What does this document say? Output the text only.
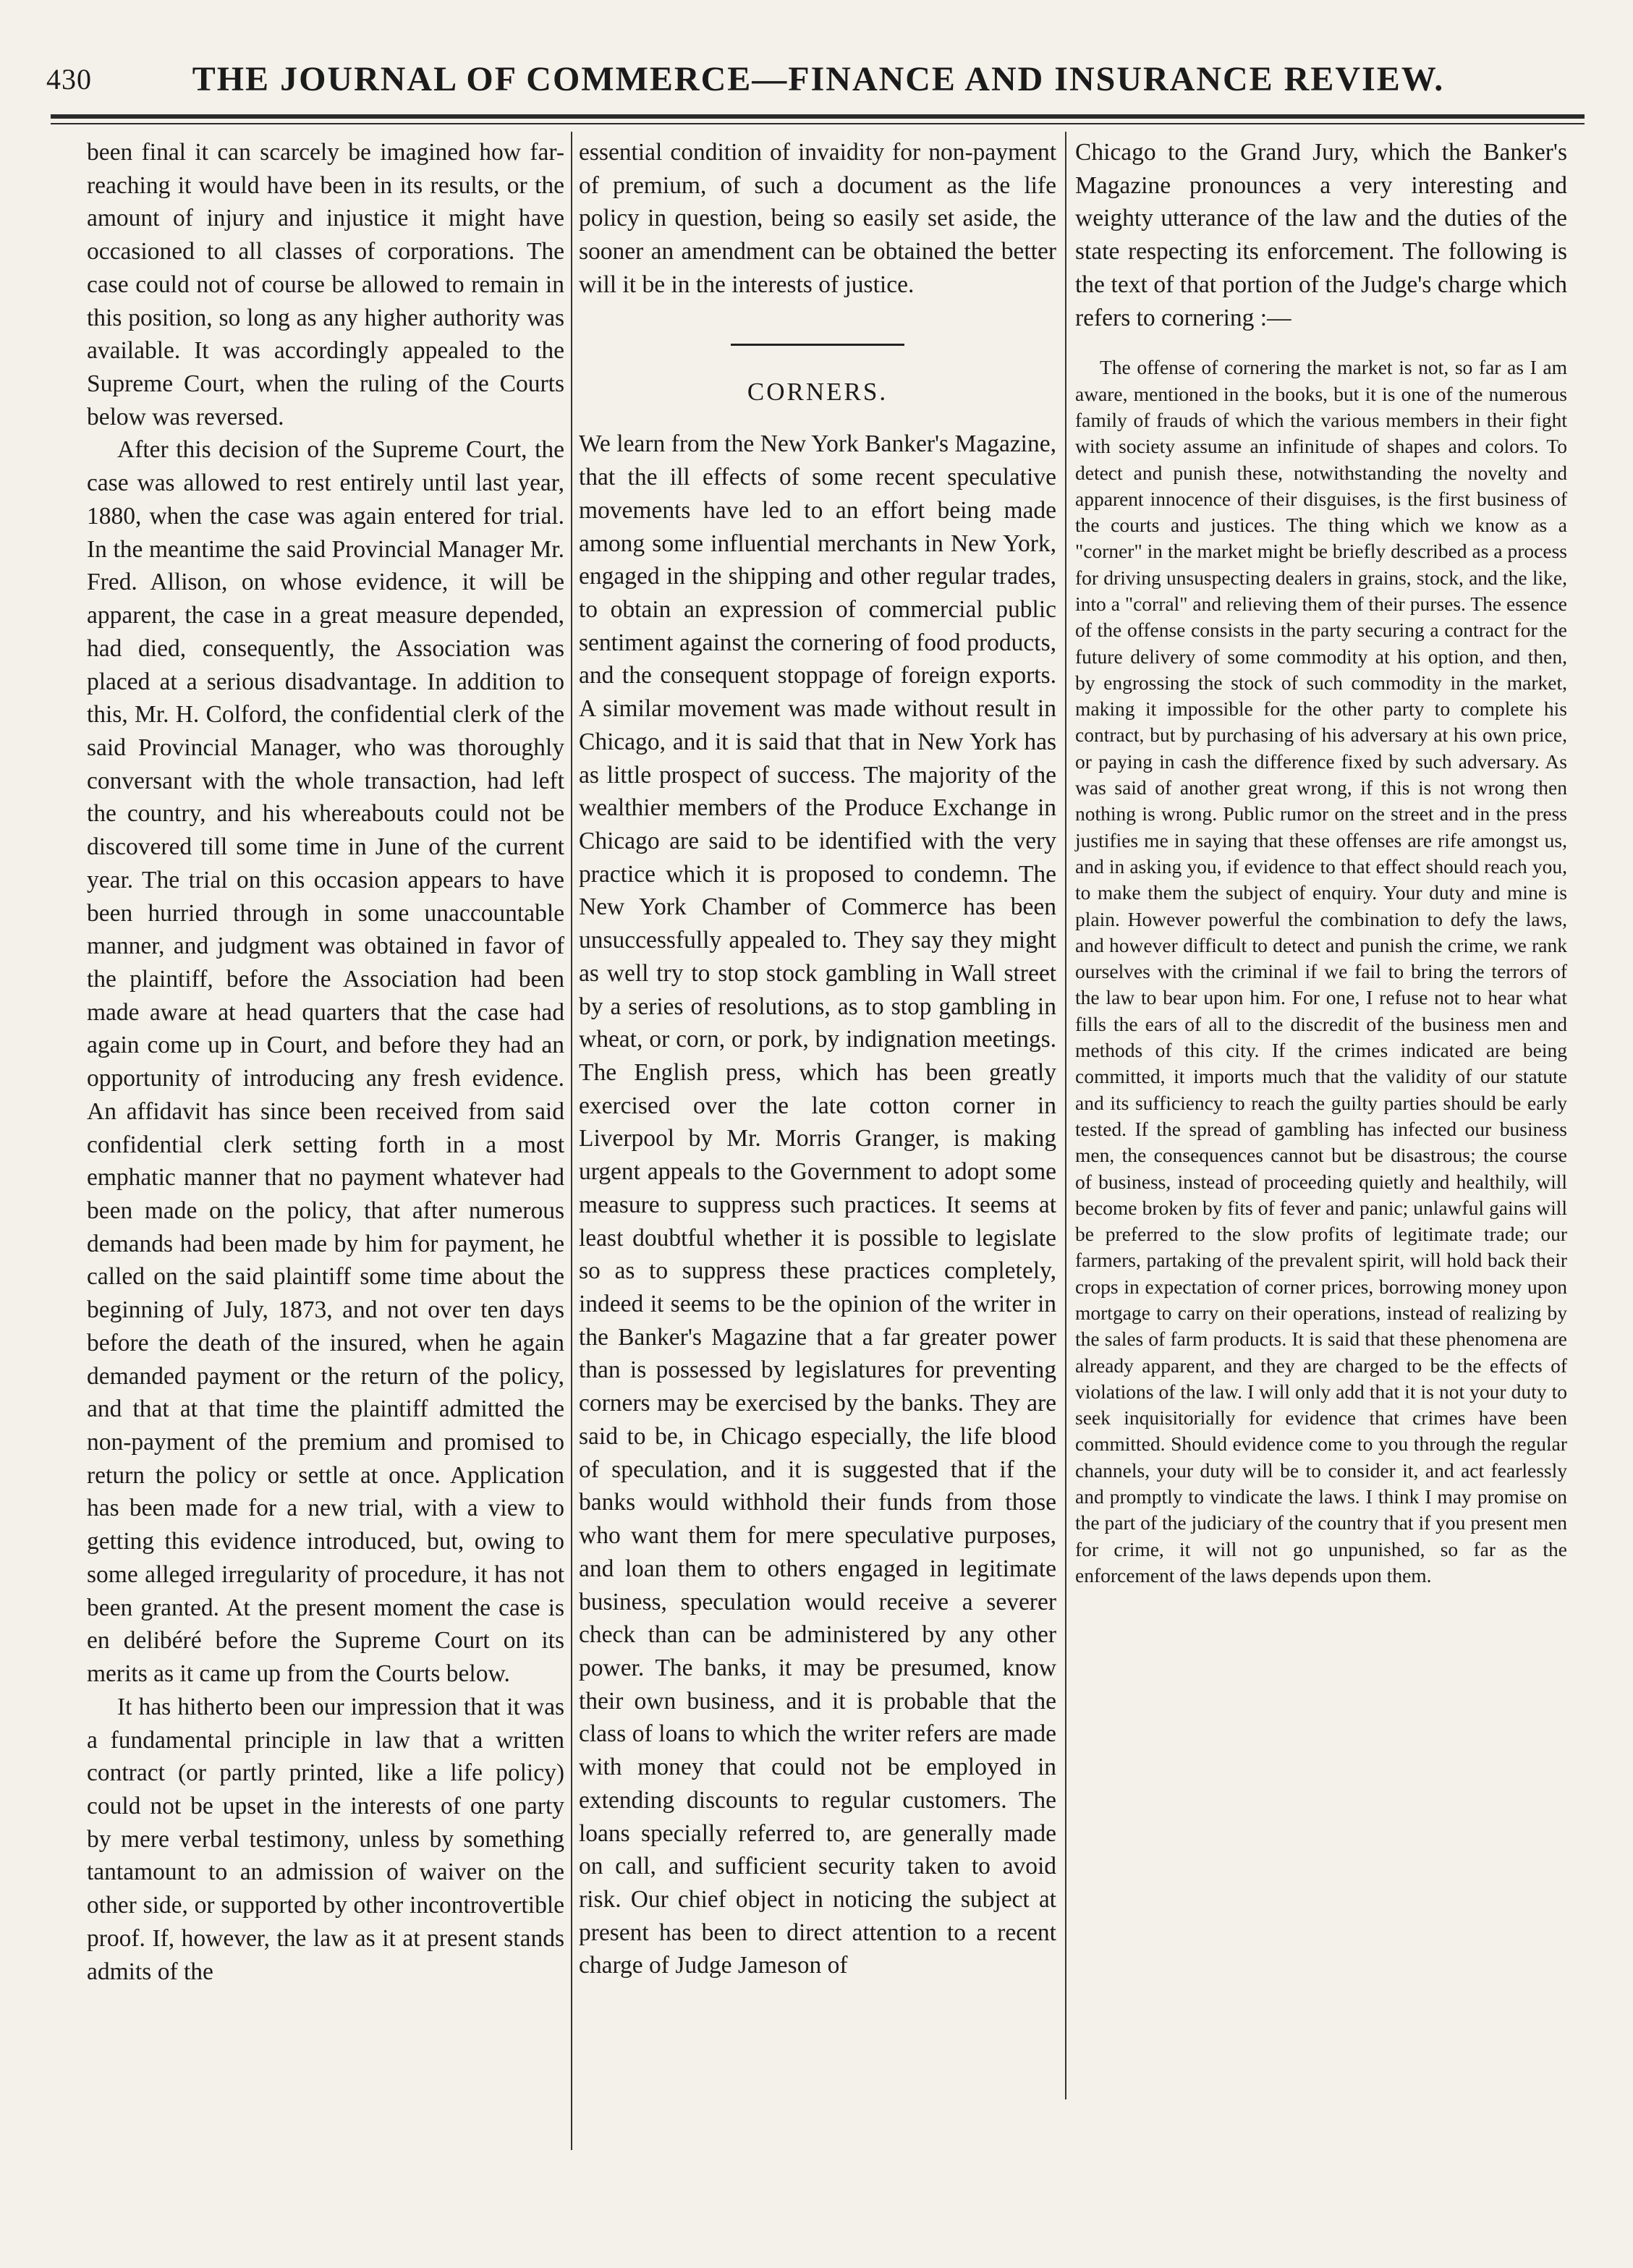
430	THE JOURNAL OF COMMERCE—FINANCE AND INSURANCE REVIEW.

been final it can scarcely be imagined how far-reaching it would have been in its results, or the amount of injury and injustice it might have occasioned to all classes of corporations. The case could not of course be allowed to remain in this position, so long as any higher authority was available. It was accordingly appealed to the Supreme Court, when the ruling of the Courts below was reversed.

After this decision of the Supreme Court, the case was allowed to rest entirely until last year, 1880, when the case was again entered for trial. In the meantime the said Provincial Manager Mr. Fred. Allison, on whose evidence, it will be apparent, the case in a great measure depended, had died, consequently, the Association was placed at a serious disadvantage. In addition to this, Mr. H. Colford, the confidential clerk of the said Provincial Manager, who was thoroughly conversant with the whole transaction, had left the country, and his whereabouts could not be discovered till some time in June of the current year. The trial on this occasion appears to have been hurried through in some unaccountable manner, and judgment was obtained in favor of the plaintiff, before the Association had been made aware at head quarters that the case had again come up in Court, and before they had an opportunity of introducing any fresh evidence. An affidavit has since been received from said confidential clerk setting forth in a most emphatic manner that no payment whatever had been made on the policy, that after numerous demands had been made by him for payment, he called on the said plaintiff some time about the beginning of July, 1873, and not over ten days before the death of the insured, when he again demanded payment or the return of the policy, and that at that time the plaintiff admitted the non-payment of the premium and promised to return the policy or settle at once. Application has been made for a new trial, with a view to getting this evidence introduced, but, owing to some alleged irregularity of procedure, it has not been granted. At the present moment the case is en delibéré before the Supreme Court on its merits as it came up from the Courts below.

It has hitherto been our impression that it was a fundamental principle in law that a written contract (or partly printed, like a life policy) could not be upset in the interests of one party by mere verbal testimony, unless by something tantamount to an admission of waiver on the other side, or supported by other incontrovertible proof. If, however, the law as it at present stands admits of the

essential condition of invaidity for non-payment of premium, of such a document as the life policy in question, being so easily set aside, the sooner an amendment can be obtained the better will it be in the interests of justice.

CORNERS.

We learn from the New York Banker's Magazine, that the ill effects of some recent speculative movements have led to an effort being made among some influential merchants in New York, engaged in the shipping and other regular trades, to obtain an expression of commercial public sentiment against the cornering of food products, and the consequent stoppage of foreign exports. A similar movement was made without result in Chicago, and it is said that that in New York has as little prospect of success. The majority of the wealthier members of the Produce Exchange in Chicago are said to be identified with the very practice which it is proposed to condemn. The New York Chamber of Commerce has been unsuccessfully appealed to. They say they might as well try to stop stock gambling in Wall street by a series of resolutions, as to stop gambling in wheat, or corn, or pork, by indignation meetings. The English press, which has been greatly exercised over the late cotton corner in Liverpool by Mr. Morris Granger, is making urgent appeals to the Government to adopt some measure to suppress such practices. It seems at least doubtful whether it is possible to legislate so as to suppress these practices completely, indeed it seems to be the opinion of the writer in the Banker's Magazine that a far greater power than is possessed by legislatures for preventing corners may be exercised by the banks. They are said to be, in Chicago especially, the life blood of speculation, and it is suggested that if the banks would withhold their funds from those who want them for mere speculative purposes, and loan them to others engaged in legitimate business, speculation would receive a severer check than can be administered by any other power. The banks, it may be presumed, know their own business, and it is probable that the class of loans to which the writer refers are made with money that could not be employed in extending discounts to regular customers. The loans specially referred to, are generally made on call, and sufficient security taken to avoid risk. Our chief object in noticing the subject at present has been to direct attention to a recent charge of Judge Jameson of

Chicago to the Grand Jury, which the Banker's Magazine pronounces a very interesting and weighty utterance of the law and the duties of the state respecting its enforcement. The following is the text of that portion of the Judge's charge which refers to cornering :—

The offense of cornering the market is not, so far as I am aware, mentioned in the books, but it is one of the numerous family of frauds of which the various members in their fight with society assume an infinitude of shapes and colors. To detect and punish these, notwithstanding the novelty and apparent innocence of their disguises, is the first business of the courts and justices. The thing which we know as a "corner" in the market might be briefly described as a process for driving unsuspecting dealers in grains, stock, and the like, into a "corral" and relieving them of their purses. The essence of the offense consists in the party securing a contract for the future delivery of some commodity at his option, and then, by engrossing the stock of such commodity in the market, making it impossible for the other party to complete his contract, but by purchasing of his adversary at his own price, or paying in cash the difference fixed by such adversary. As was said of another great wrong, if this is not wrong then nothing is wrong. Public rumor on the street and in the press justifies me in saying that these offenses are rife amongst us, and in asking you, if evidence to that effect should reach you, to make them the subject of enquiry. Your duty and mine is plain. However powerful the combination to defy the laws, and however difficult to detect and punish the crime, we rank ourselves with the criminal if we fail to bring the terrors of the law to bear upon him. For one, I refuse not to hear what fills the ears of all to the discredit of the business men and methods of this city. If the crimes indicated are being committed, it imports much that the validity of our statute and its sufficiency to reach the guilty parties should be early tested. If the spread of gambling has infected our business men, the consequences cannot but be disastrous; the course of business, instead of proceeding quietly and healthily, will become broken by fits of fever and panic; unlawful gains will be preferred to the slow profits of legitimate trade; our farmers, partaking of the prevalent spirit, will hold back their crops in expectation of corner prices, borrowing money upon mortgage to carry on their operations, instead of realizing by the sales of farm products. It is said that these phenomena are already apparent, and they are charged to be the effects of violations of the law. I will only add that it is not your duty to seek inquisitorially for evidence that crimes have been committed. Should evidence come to you through the regular channels, your duty will be to consider it, and act fearlessly and promptly to vindicate the laws. I think I may promise on the part of the judiciary of the country that if you present men for crime, it will not go unpunished, so far as the enforcement of the laws depends upon them.
